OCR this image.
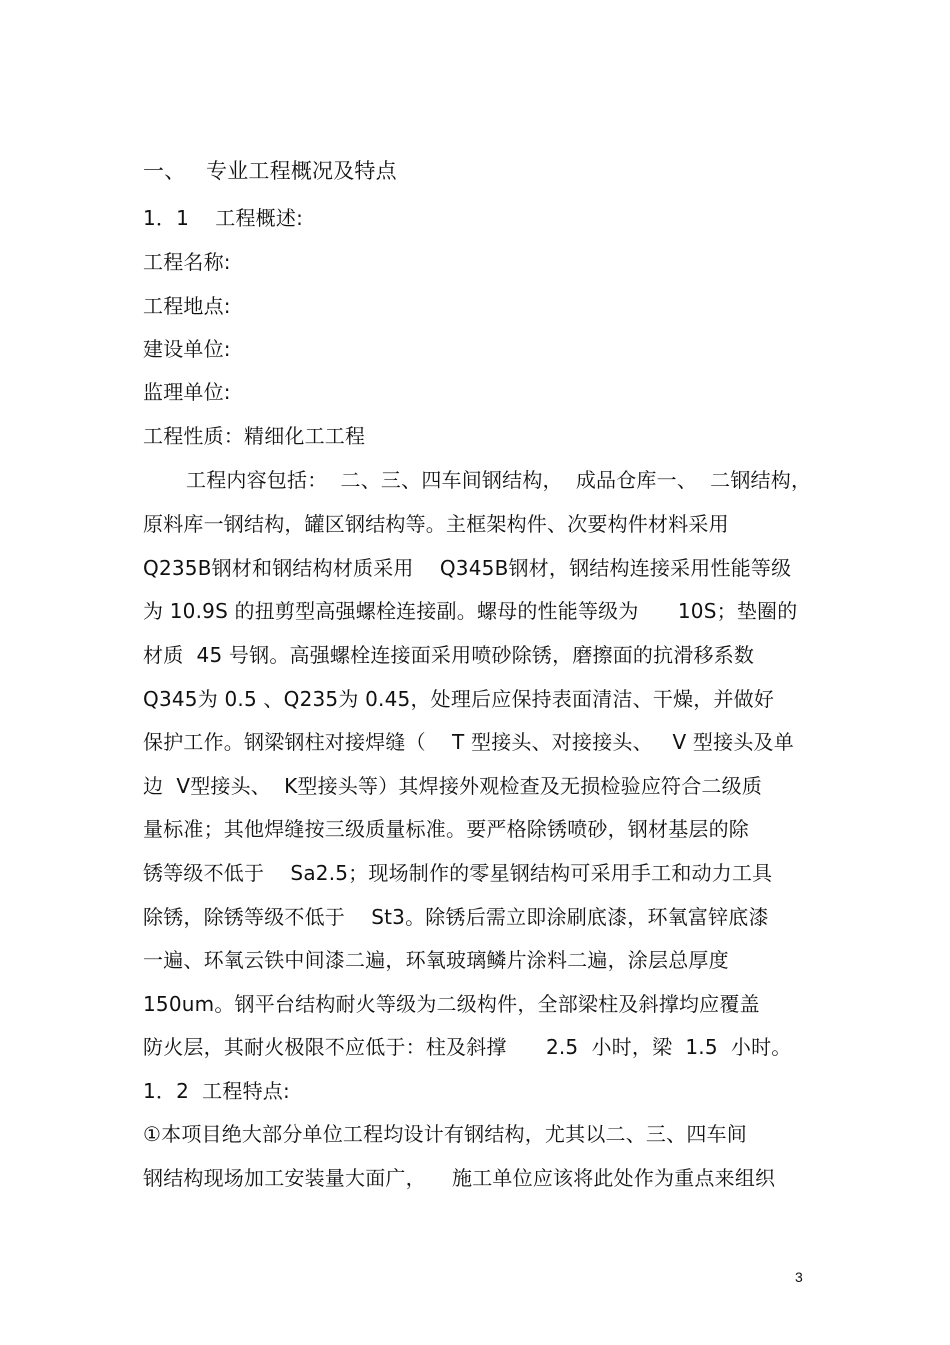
一、   专业工程概况及特点
1．1    工程概述:
工程名称:
工程地点:
建设单位:
监理单位:
工程性质：精细化工工程
工程内容包括：  二、三、四车间钢结构，  成品仓库一、  二钢结构，
原料库一钢结构，罐区钢结构等。主框架构件、次要构件材料采用
Q235B钢材和钢结构材质采用    Q345B钢材，钢结构连接采用性能等级
为 10.9S 的扭剪型高强螺栓连接副。螺母的性能等级为      10S；垫圈的
材质  45 号钢。高强螺栓连接面采用喷砂除锈，磨擦面的抗滑移系数
Q345为 0.5 、Q235为 0.45，处理后应保持表面清洁、干燥，并做好
保护工作。钢梁钢柱对接焊缝（    T 型接头、对接接头、   V 型接头及单
边  V型接头、  K型接头等）其焊接外观检查及无损检验应符合二级质
量标准；其他焊缝按三级质量标准。要严格除锈喷砂，钢材基层的除
锈等级不低于    Sa2.5；现场制作的零星钢结构可采用手工和动力工具
除锈，除锈等级不低于    St3。除锈后需立即涂刷底漆，环氧富锌底漆
一遍、环氧云铁中间漆二遍，环氧玻璃鳞片涂料二遍，涂层总厚度
150um。钢平台结构耐火等级为二级构件，全部梁柱及斜撑均应覆盖
防火层，其耐火极限不应低于：柱及斜撑      2.5  小时，梁  1.5  小时。
1．2  工程特点:
①本项目绝大部分单位工程均设计有钢结构，尤其以二、三、四车间
钢结构现场加工安装量大面广，    施工单位应该将此处作为重点来组织
3
